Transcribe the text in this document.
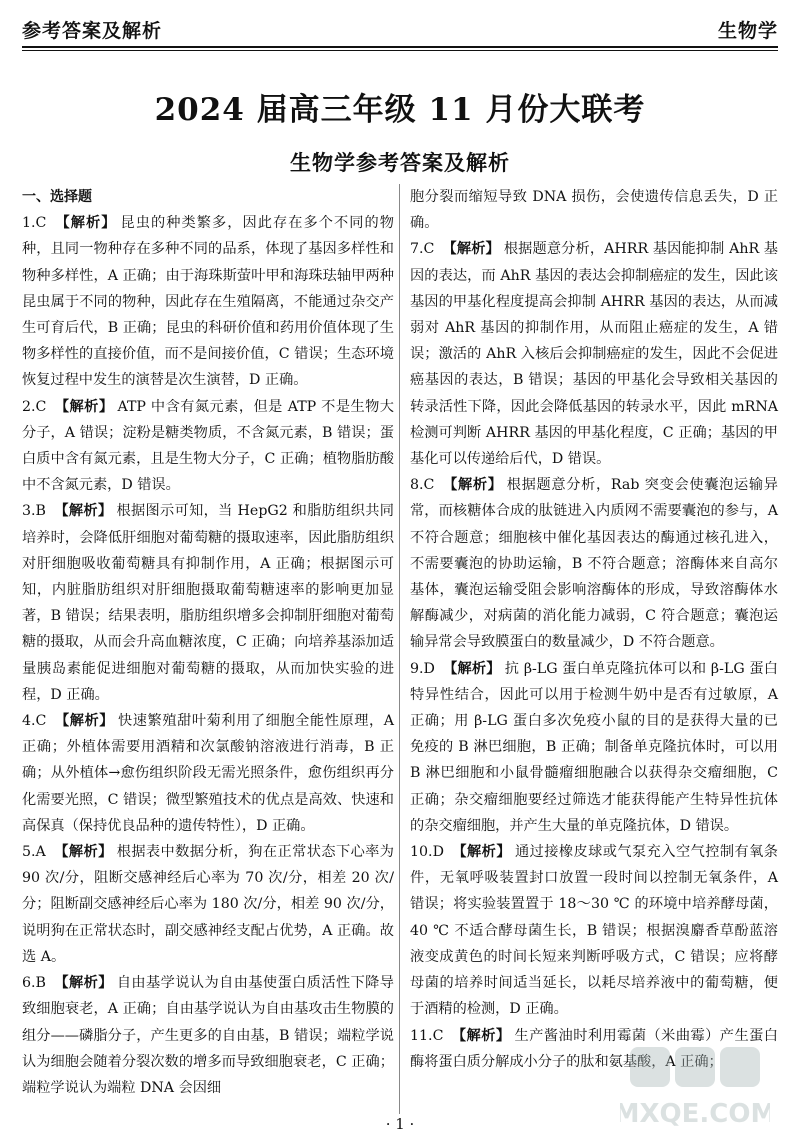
参考答案及解析	生物学
2024 届高三年级 11 月份大联考
生物学参考答案及解析
一、选择题
1.C 【解析】 昆虫的种类繁多，因此存在多个不同的物种，且同一物种存在多种不同的品系，体现了基因多样性和物种多样性，A 正确；由于海珠斯萤叶甲和海珠珐轴甲两种昆虫属于不同的物种，因此存在生殖隔离，不能通过杂交产生可育后代，B 正确；昆虫的科研价值和药用价值体现了生物多样性的直接价值，而不是间接价值，C 错误；生态环境恢复过程中发生的演替是次生演替，D 正确。
2.C 【解析】 ATP 中含有氮元素，但是 ATP 不是生物大分子，A 错误；淀粉是糖类物质，不含氮元素，B 错误；蛋白质中含有氮元素，且是生物大分子，C 正确；植物脂肪酸中不含氮元素，D 错误。
3.B 【解析】 根据图示可知，当 HepG2 和脂肪组织共同培养时，会降低肝细胞对葡萄糖的摄取速率，因此脂肪组织对肝细胞吸收葡萄糖具有抑制作用，A 正确；根据图示可知，内脏脂肪组织对肝细胞摄取葡萄糖速率的影响更加显著，B 错误；结果表明，脂肪组织增多会抑制肝细胞对葡萄糖的摄取，从而会升高血糖浓度，C 正确；向培养基添加适量胰岛素能促进细胞对葡萄糖的摄取，从而加快实验的进程，D 正确。
4.C 【解析】 快速繁殖甜叶菊利用了细胞全能性原理，A 正确；外植体需要用酒精和次氯酸钠溶液进行消毒，B 正确；从外植体→愈伤组织阶段无需光照条件，愈伤组织再分化需要光照，C 错误；微型繁殖技术的优点是高效、快速和高保真（保持优良品种的遗传特性），D 正确。
5.A 【解析】 根据表中数据分析，狗在正常状态下心率为 90 次/分，阻断交感神经后心率为 70 次/分，相差 20 次/分；阻断副交感神经后心率为 180 次/分，相差 90 次/分，说明狗在正常状态时，副交感神经支配占优势，A 正确。故选 A。
6.B 【解析】 自由基学说认为自由基使蛋白质活性下降导致细胞衰老，A 正确；自由基学说认为自由基攻击生物膜的组分——磷脂分子，产生更多的自由基，B 错误；端粒学说认为细胞会随着分裂次数的增多而导致细胞衰老，C 正确；端粒学说认为端粒 DNA 会因细
胞分裂而缩短导致 DNA 损伤，会使遗传信息丢失，D 正确。
7.C 【解析】 根据题意分析，AHRR 基因能抑制 AhR 基因的表达，而 AhR 基因的表达会抑制癌症的发生，因此该基因的甲基化程度提高会抑制 AHRR 基因的表达，从而减弱对 AhR 基因的抑制作用，从而阻止癌症的发生，A 错误；激活的 AhR 入核后会抑制癌症的发生，因此不会促进癌基因的表达，B 错误；基因的甲基化会导致相关基因的转录活性下降，因此会降低基因的转录水平，因此 mRNA 检测可判断 AHRR 基因的甲基化程度，C 正确；基因的甲基化可以传递给后代，D 错误。
8.C 【解析】 根据题意分析，Rab 突变会使囊泡运输异常，而核糖体合成的肽链进入内质网不需要囊泡的参与，A 不符合题意；细胞核中催化基因表达的酶通过核孔进入，不需要囊泡的协助运输，B 不符合题意；溶酶体来自高尔基体，囊泡运输受阻会影响溶酶体的形成，导致溶酶体水解酶减少，对病菌的消化能力减弱，C 符合题意；囊泡运输异常会导致膜蛋白的数量减少，D 不符合题意。
9.D 【解析】 抗 β-LG 蛋白单克隆抗体可以和 β-LG 蛋白特异性结合，因此可以用于检测牛奶中是否有过敏原，A 正确；用 β-LG 蛋白多次免疫小鼠的目的是获得大量的已免疫的 B 淋巴细胞，B 正确；制备单克隆抗体时，可以用 B 淋巴细胞和小鼠骨髓瘤细胞融合以获得杂交瘤细胞，C 正确；杂交瘤细胞要经过筛选才能获得能产生特异性抗体的杂交瘤细胞，并产生大量的单克隆抗体，D 错误。
10.D 【解析】 通过接橡皮球或气泵充入空气控制有氧条件，无氧呼吸装置封口放置一段时间以控制无氧条件，A 错误；将实验装置置于 18～30 ℃ 的环境中培养酵母菌，40 ℃ 不适合酵母菌生长，B 错误；根据溴麝香草酚蓝溶液变成黄色的时间长短来判断呼吸方式，C 错误；应将酵母菌的培养时间适当延长，以耗尽培养液中的葡萄糖，便于酒精的检测，D 正确。
11.C 【解析】 生产酱油时利用霉菌（米曲霉）产生蛋白酶将蛋白质分解成小分子的肽和氨基酸，A 正确；
· 1 ·	MXQE.COM
